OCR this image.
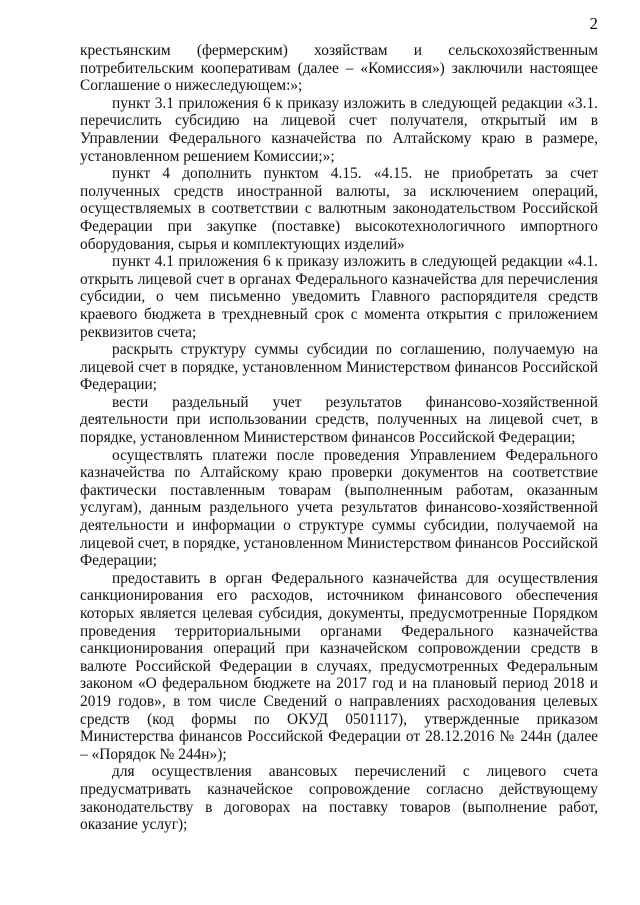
2

крестьянским (фермерским) хозяйствам и сельскохозяйственным потребительским кооперативам (далее – «Комиссия») заключили настоящее Соглашение о нижеследующем:»;

пункт 3.1 приложения 6 к приказу изложить в следующей редакции «3.1. перечислить субсидию на лицевой счет получателя, открытый им в Управлении Федерального казначейства по Алтайскому краю в размере, установленном решением Комиссии;»;

пункт 4 дополнить пунктом 4.15. «4.15. не приобретать за счет полученных средств иностранной валюты, за исключением операций, осуществляемых в соответствии с валютным законодательством Российской Федерации при закупке (поставке) высокотехнологичного импортного оборудования, сырья и комплектующих изделий»

пункт 4.1 приложения 6 к приказу изложить в следующей редакции «4.1. открыть лицевой счет в органах Федерального казначейства для перечисления субсидии, о чем письменно уведомить Главного распорядителя средств краевого бюджета в трехдневный срок с момента открытия с приложением реквизитов счета;

раскрыть структуру суммы субсидии по соглашению, получаемую на лицевой счет в порядке, установленном Министерством финансов Российской Федерации;

вести раздельный учет результатов финансово-хозяйственной деятельности при использовании средств, полученных на лицевой счет, в порядке, установленном Министерством финансов Российской Федерации;

осуществлять платежи после проведения Управлением Федерального казначейства по Алтайскому краю проверки документов на соответствие фактически поставленным товарам (выполненным работам, оказанным услугам), данным раздельного учета результатов финансово-хозяйственной деятельности и информации о структуре суммы субсидии, получаемой на лицевой счет, в порядке, установленном Министерством финансов Российской Федерации;

предоставить в орган Федерального казначейства для осуществления санкционирования его расходов, источником финансового обеспечения которых является целевая субсидия, документы, предусмотренные Порядком проведения территориальными органами Федерального казначейства санкционирования операций при казначейском сопровождении средств в валюте Российской Федерации в случаях, предусмотренных Федеральным законом «О федеральном бюджете на 2017 год и на плановый период 2018 и 2019 годов», в том числе Сведений о направлениях расходования целевых средств (код формы по ОКУД 0501117), утвержденные приказом Министерства финансов Российской Федерации от 28.12.2016 № 244н (далее – «Порядок № 244н»);

для осуществления авансовых перечислений с лицевого счета предусматривать казначейское сопровождение согласно действующему законодательству в договорах на поставку товаров (выполнение работ, оказание услуг);
